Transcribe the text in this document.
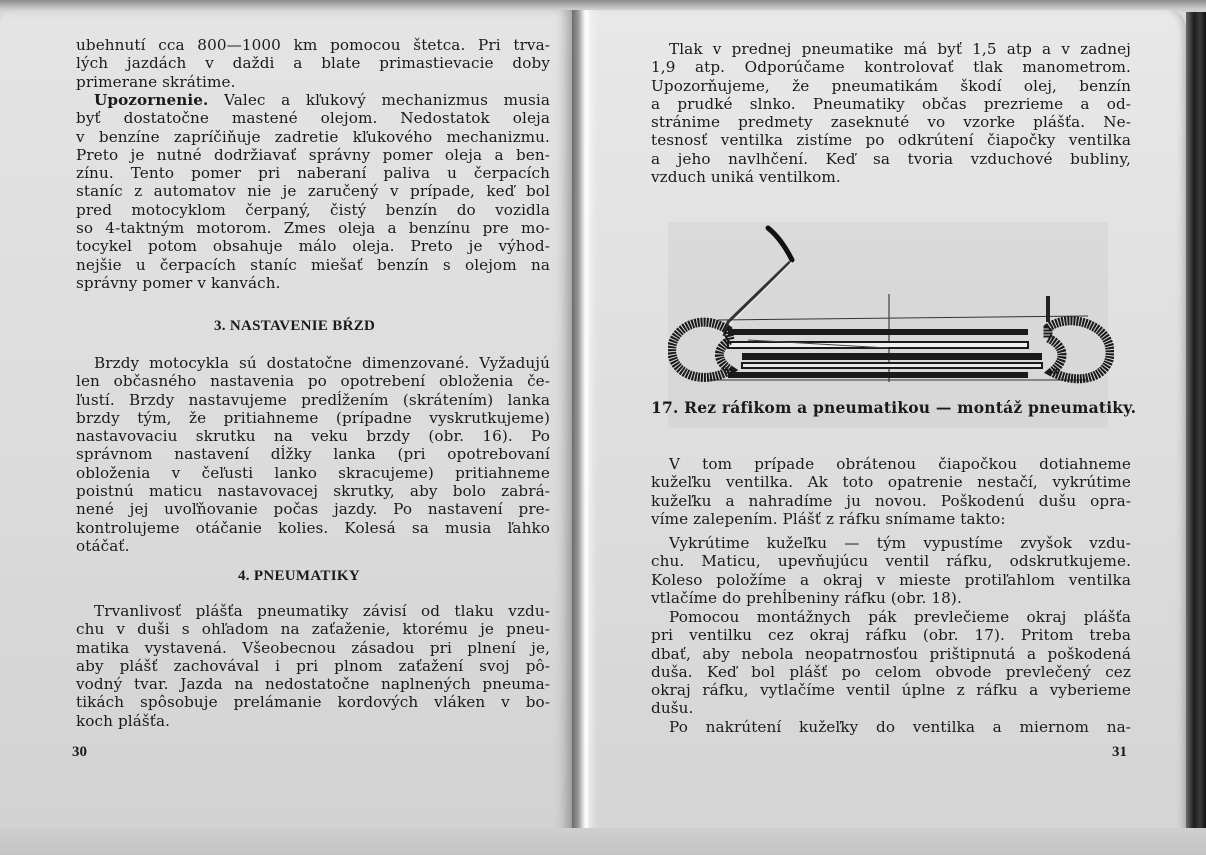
ubehnutí cca 800—1000 km pomocou štetca. Pri trva-
lých jazdách v daždi a blate primastievacie doby
primerane skrátime.
Upozornenie. Valec a kľukový mechanizmus musia
byť dostatočne mastené olejom. Nedostatok oleja
v benzíne zapríčiňuje zadretie kľukového mechanizmu.
Preto je nutné dodržiavať správny pomer oleja a ben-
zínu. Tento pomer pri naberaní paliva u čerpacích
staníc z automatov nie je zaručený v prípade, keď bol
pred motocyklom čerpaný, čistý benzín do vozidla
so 4-taktným motorom. Zmes oleja a benzínu pre mo-
tocykel potom obsahuje málo oleja. Preto je výhod-
nejšie u čerpacích staníc miešať benzín s olejom na
správny pomer v kanvách.
3. NASTAVENIE BŔZD
Brzdy motocykla sú dostatočne dimenzované. Vyžadujú
len občasného nastavenia po opotrebení obloženia če-
ľustí. Brzdy nastavujeme predĺžením (skrátením) lanka
brzdy tým, že pritiahneme (prípadne vyskrutkujeme)
nastavovaciu skrutku na veku brzdy (obr. 16). Po
správnom nastavení dĺžky lanka (pri opotrebovaní
obloženia v čeľusti lanko skracujeme) pritiahneme
poistnú maticu nastavovacej skrutky, aby bolo zabrá-
nené jej uvoľňovanie počas jazdy. Po nastavení pre-
kontrolujeme otáčanie kolies. Kolesá sa musia ľahko
otáčať.
4. PNEUMATIKY
Trvanlivosť plášťa pneumatiky závisí od tlaku vzdu-
chu v duši s ohľadom na zaťaženie, ktorému je pneu-
matika vystavená. Všeobecnou zásadou pri plnení je,
aby plášť zachovával i pri plnom zaťažení svoj pô-
vodný tvar. Jazda na nedostatočne naplnených pneuma-
tikách spôsobuje prelámanie kordových vláken v bo-
koch plášťa.
30
Tlak v prednej pneumatike má byť 1,5 atp a v zadnej
1,9 atp. Odporúčame kontrolovať tlak manometrom.
Upozorňujeme, že pneumatikám škodí olej, benzín
a prudké slnko. Pneumatiky občas prezrieme a od-
stránime predmety zaseknuté vo vzorke plášťa. Ne-
tesnosť ventilka zistíme po odkrútení čiapočky ventilka
a jeho navlhčení. Keď sa tvoria vzduchové bubliny,
vzduch uniká ventilkom.
17. Rez ráfikom a pneumatikou — montáž pneumatiky.
V tom prípade obrátenou čiapočkou dotiahneme
kužeľku ventilka. Ak toto opatrenie nestačí, vykrútime
kužeľku a nahradíme ju novou. Poškodenú dušu opra-
víme zalepením. Plášť z ráfku snímame takto:
Vykrútime kužeľku — tým vypustíme zvyšok vzdu-
chu. Maticu, upevňujúcu ventil ráfku, odskrutkujeme.
Koleso položíme a okraj v mieste protiľahlom ventilka
vtlačíme do prehĺbeniny ráfku (obr. 18).
Pomocou montážnych pák prevlečieme okraj plášťa
pri ventilku cez okraj ráfku (obr. 17). Pritom treba
dbať, aby nebola neopatrnosťou prištipnutá a poškodená
duša. Keď bol plášť po celom obvode prevlečený cez
okraj ráfku, vytlačíme ventil úplne z ráfku a vyberieme
dušu.
Po nakrútení kužeľky do ventilka a miernom na-
31
